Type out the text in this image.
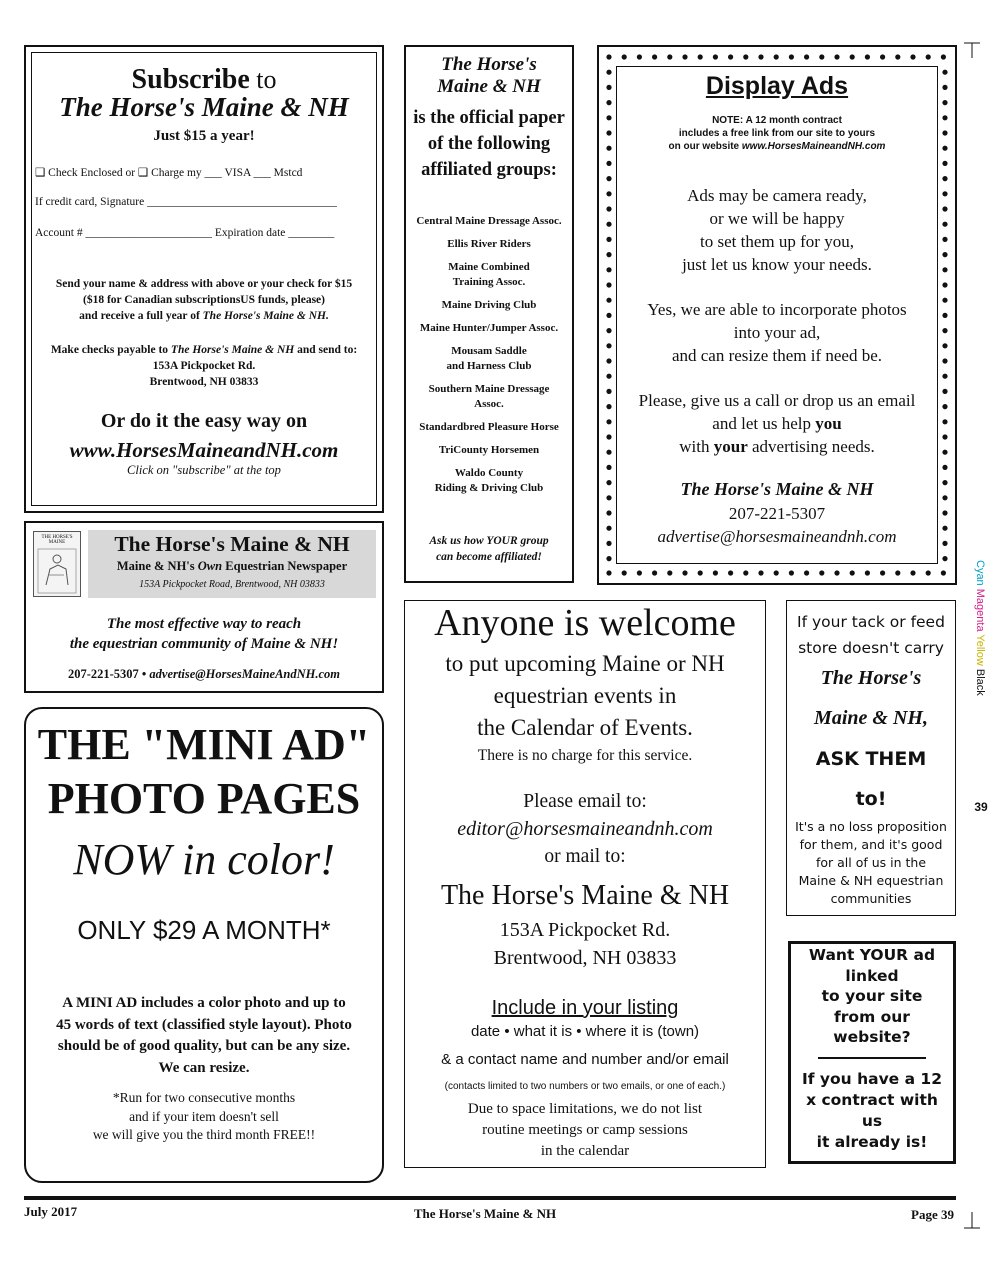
Subscribe to
The Horse's Maine & NH
Just $15 a year!
❑ Check Enclosed or ❑ Charge my ___ VISA ___ Mstcd
If credit card, Signature _________________________________
Account # ______________________ Expiration date ________
Send your name & address with above or your check for $15
($18 for Canadian subscriptionsUS funds, please)
and receive a full year of The Horse's Maine & NH.
Make checks payable to The Horse's Maine & NH and send to:
153A Pickpocket Rd.
Brentwood, NH 03833
Or do it the easy way on
www.HorsesMaineandNH.com
Click on "subscribe" at the top
The Horse's
Maine & NH
is the official paper
of the following
affiliated groups:
Central Maine Dressage Assoc.
Ellis River Riders
Maine Combined
Training Assoc.
Maine Driving Club
Maine Hunter/Jumper Assoc.
Mousam Saddle
and Harness Club
Southern Maine Dressage
Assoc.
Standardbred Pleasure Horse
TriCounty Horsemen
Waldo County
Riding & Driving Club
Ask us how YOUR group
can become affiliated!
Display Ads
NOTE: A 12 month contract
includes a free link from our site to yours
on our website www.HorsesMaineandNH.com
Ads may be camera ready,
or we will be happy
to set them up for you,
just let us know your needs.
Yes, we are able to incorporate photos
into your ad,
and can resize them if need be.
Please, give us a call or drop us an email
and let us help you
with your advertising needs.
The Horse's Maine & NH
207-221-5307
advertise@horsesmaineandnh.com
THE HORSE'S MAINE	The Horse's Maine & NH
Maine & NH's Own Equestrian Newspaper
153A Pickpocket Road, Brentwood, NH 03833
The most effective way to reach
the equestrian community of Maine & NH!
207-221-5307 • advertise@HorsesMaineAndNH.com
THE "MINI AD"
PHOTO PAGES
NOW in color!
ONLY $29 A MONTH*
A MINI AD includes a color photo and up to
45 words of text (classified style layout). Photo
should be of good quality, but can be any size.
We can resize.
*Run for two consecutive months
and if your item doesn't sell
we will give you the third month FREE!!
Anyone is welcome
to put upcoming Maine or NH
equestrian events in
the Calendar of Events.
There is no charge for this service.
Please email to:
editor@horsesmaineandnh.com
or mail to:
The Horse's Maine & NH
153A Pickpocket Rd.
Brentwood, NH 03833
Include in your listing
date • what it is • where it is (town)
& a contact name and number and/or email
(contacts limited to two numbers or two emails, or one of each.)
Due to space limitations, we do not list
routine meetings or camp sessions
in the calendar
If your tack or feed
store doesn't carry
The Horse's
Maine & NH,
ASK THEM
to!
It's a no loss proposition
for them, and it's good
for all of us in the
Maine & NH equestrian
communities
Want YOUR ad
linked
to your site
from our
website?
If you have a 12
x contract with
us
it already is!
Cyan Magenta Yellow Black
39
July 2017	The Horse's Maine & NH	Page 39
